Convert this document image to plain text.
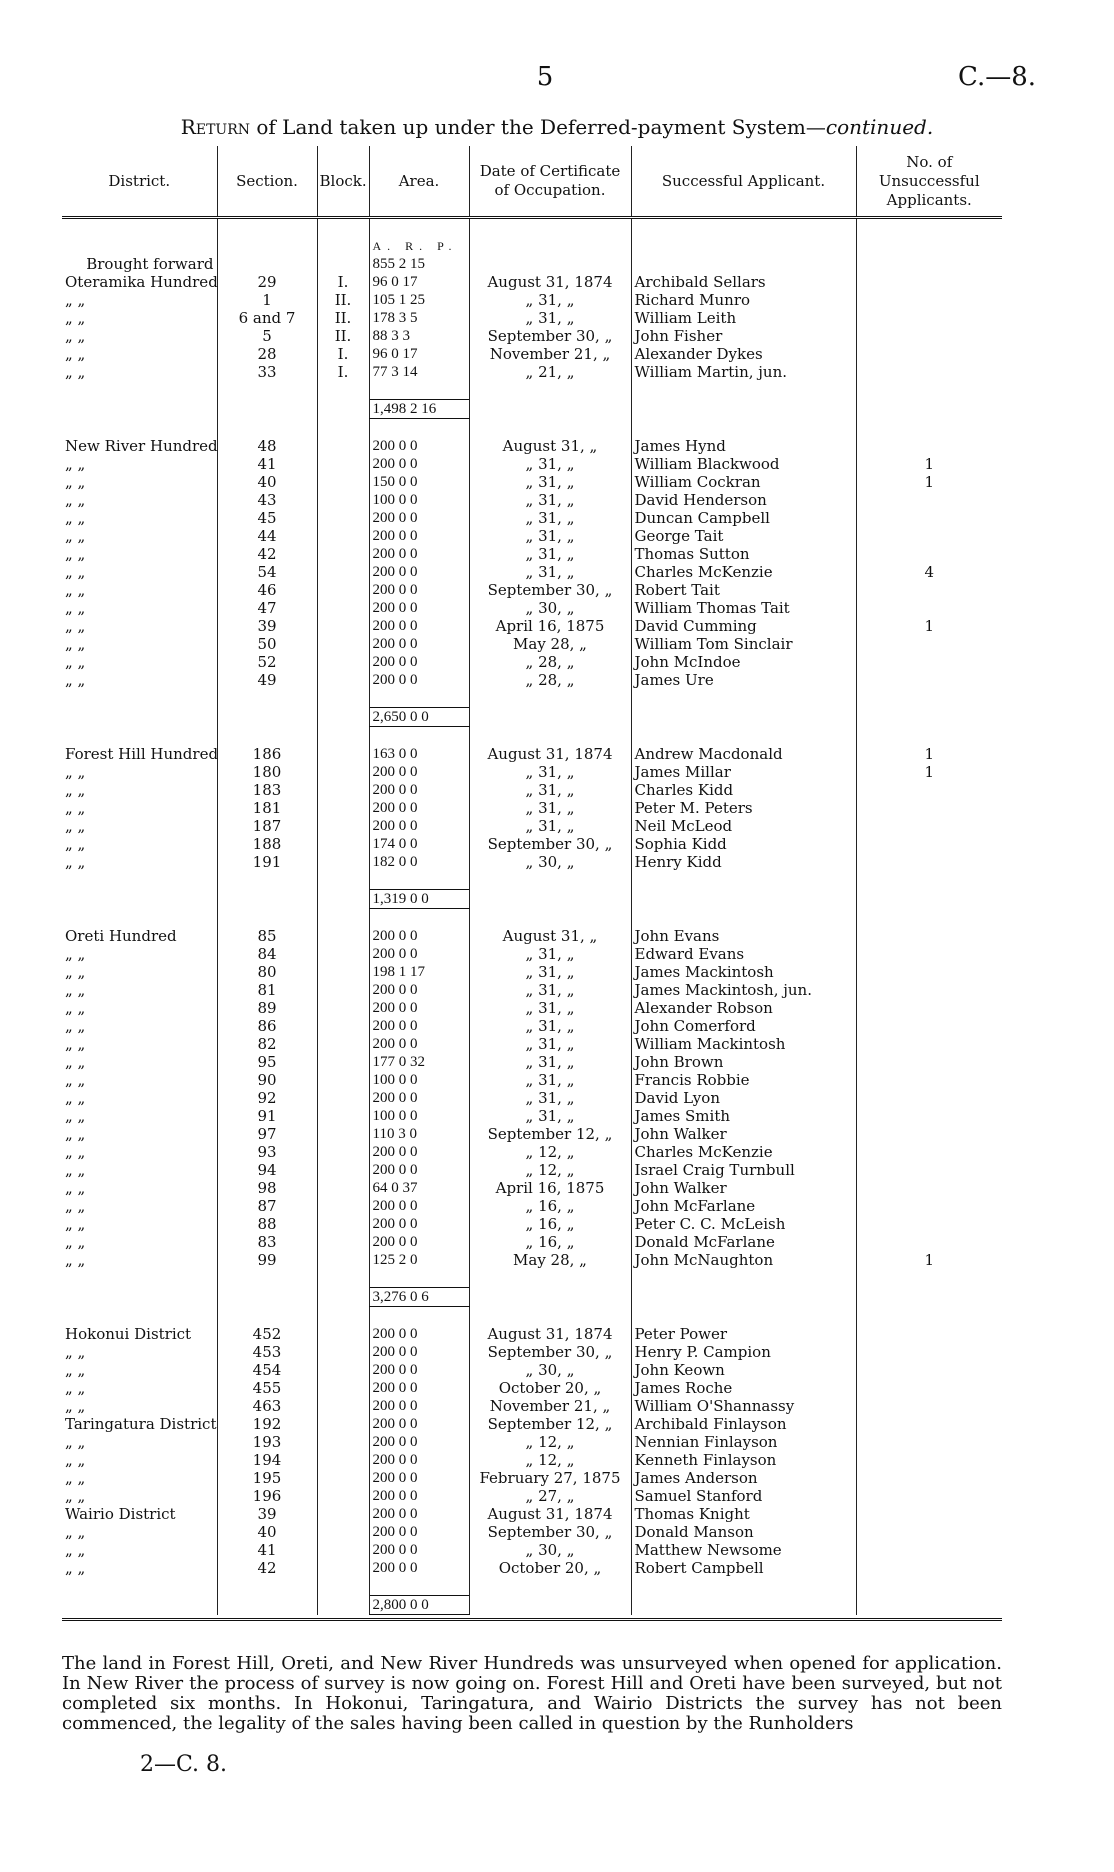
5	C.—8.
Return of Land taken up under the Deferred-payment System—continued.
District.	Section.	Block.	Area.	Date of Certificate of Occupation.	Successful Applicant.	No. of Unsuccessful Applicants.

			A. R. P.			
Brought forward			855 2 15			
Oteramika Hundred	29	I.	96 0 17	August 31, 1874	Archibald Sellars	
„ „	1	II.	105 1 25	„ 31, „	Richard Munro	
„ „	6 and 7	II.	178 3 5	„ 31, „	William Leith	
„ „	5	II.	88 3 3	September 30, „	John Fisher	
„ „	28	I.	96 0 17	November 21, „	Alexander Dykes	
„ „	33	I.	77 3 14	„ 21, „	William Martin, jun.	

			1,498 2 16			

New River Hundred	48		200 0 0	August 31, „	James Hynd	
„ „	41		200 0 0	„ 31, „	William Blackwood	1
„ „	40		150 0 0	„ 31, „	William Cockran	1
„ „	43		100 0 0	„ 31, „	David Henderson	
„ „	45		200 0 0	„ 31, „	Duncan Campbell	
„ „	44		200 0 0	„ 31, „	George Tait	
„ „	42		200 0 0	„ 31, „	Thomas Sutton	
„ „	54		200 0 0	„ 31, „	Charles McKenzie	4
„ „	46		200 0 0	September 30, „	Robert Tait	
„ „	47		200 0 0	„ 30, „	William Thomas Tait	
„ „	39		200 0 0	April 16, 1875	David Cumming	1
„ „	50		200 0 0	May 28, „	William Tom Sinclair	
„ „	52		200 0 0	„ 28, „	John McIndoe	
„ „	49		200 0 0	„ 28, „	James Ure	

			2,650 0 0			

Forest Hill Hundred	186		163 0 0	August 31, 1874	Andrew Macdonald	1
„ „	180		200 0 0	„ 31, „	James Millar	1
„ „	183		200 0 0	„ 31, „	Charles Kidd	
„ „	181		200 0 0	„ 31, „	Peter M. Peters	
„ „	187		200 0 0	„ 31, „	Neil McLeod	
„ „	188		174 0 0	September 30, „	Sophia Kidd	
„ „	191		182 0 0	„ 30, „	Henry Kidd	

			1,319 0 0			

Oreti Hundred	85		200 0 0	August 31, „	John Evans	
„ „	84		200 0 0	„ 31, „	Edward Evans	
„ „	80		198 1 17	„ 31, „	James Mackintosh	
„ „	81		200 0 0	„ 31, „	James Mackintosh, jun.	
„ „	89		200 0 0	„ 31, „	Alexander Robson	
„ „	86		200 0 0	„ 31, „	John Comerford	
„ „	82		200 0 0	„ 31, „	William Mackintosh	
„ „	95		177 0 32	„ 31, „	John Brown	
„ „	90		100 0 0	„ 31, „	Francis Robbie	
„ „	92		200 0 0	„ 31, „	David Lyon	
„ „	91		100 0 0	„ 31, „	James Smith	
„ „	97		110 3 0	September 12, „	John Walker	
„ „	93		200 0 0	„ 12, „	Charles McKenzie	
„ „	94		200 0 0	„ 12, „	Israel Craig Turnbull	
„ „	98		64 0 37	April 16, 1875	John Walker	
„ „	87		200 0 0	„ 16, „	John McFarlane	
„ „	88		200 0 0	„ 16, „	Peter C. C. McLeish	
„ „	83		200 0 0	„ 16, „	Donald McFarlane	
„ „	99		125 2 0	May 28, „	John McNaughton	1

			3,276 0 6			

Hokonui District	452		200 0 0	August 31, 1874	Peter Power	
„ „	453		200 0 0	September 30, „	Henry P. Campion	
„ „	454		200 0 0	„ 30, „	John Keown	
„ „	455		200 0 0	October 20, „	James Roche	
„ „	463		200 0 0	November 21, „	William O'Shannassy	
Taringatura District	192		200 0 0	September 12, „	Archibald Finlayson	
„ „	193		200 0 0	„ 12, „	Nennian Finlayson	
„ „	194		200 0 0	„ 12, „	Kenneth Finlayson	
„ „	195		200 0 0	February 27, 1875	James Anderson	
„ „	196		200 0 0	„ 27, „	Samuel Stanford	
Wairio District	39		200 0 0	August 31, 1874	Thomas Knight	
„ „	40		200 0 0	September 30, „	Donald Manson	
„ „	41		200 0 0	„ 30, „	Matthew Newsome	
„ „	42		200 0 0	October 20, „	Robert Campbell	

			2,800 0 0			
The land in Forest Hill, Oreti, and New River Hundreds was unsurveyed when opened for application. In New River the process of survey is now going on. Forest Hill and Oreti have been surveyed, but not completed six months. In Hokonui, Taringatura, and Wairio Districts the survey has not been commenced, the legality of the sales having been called in question by the Runholders
2—C. 8.
